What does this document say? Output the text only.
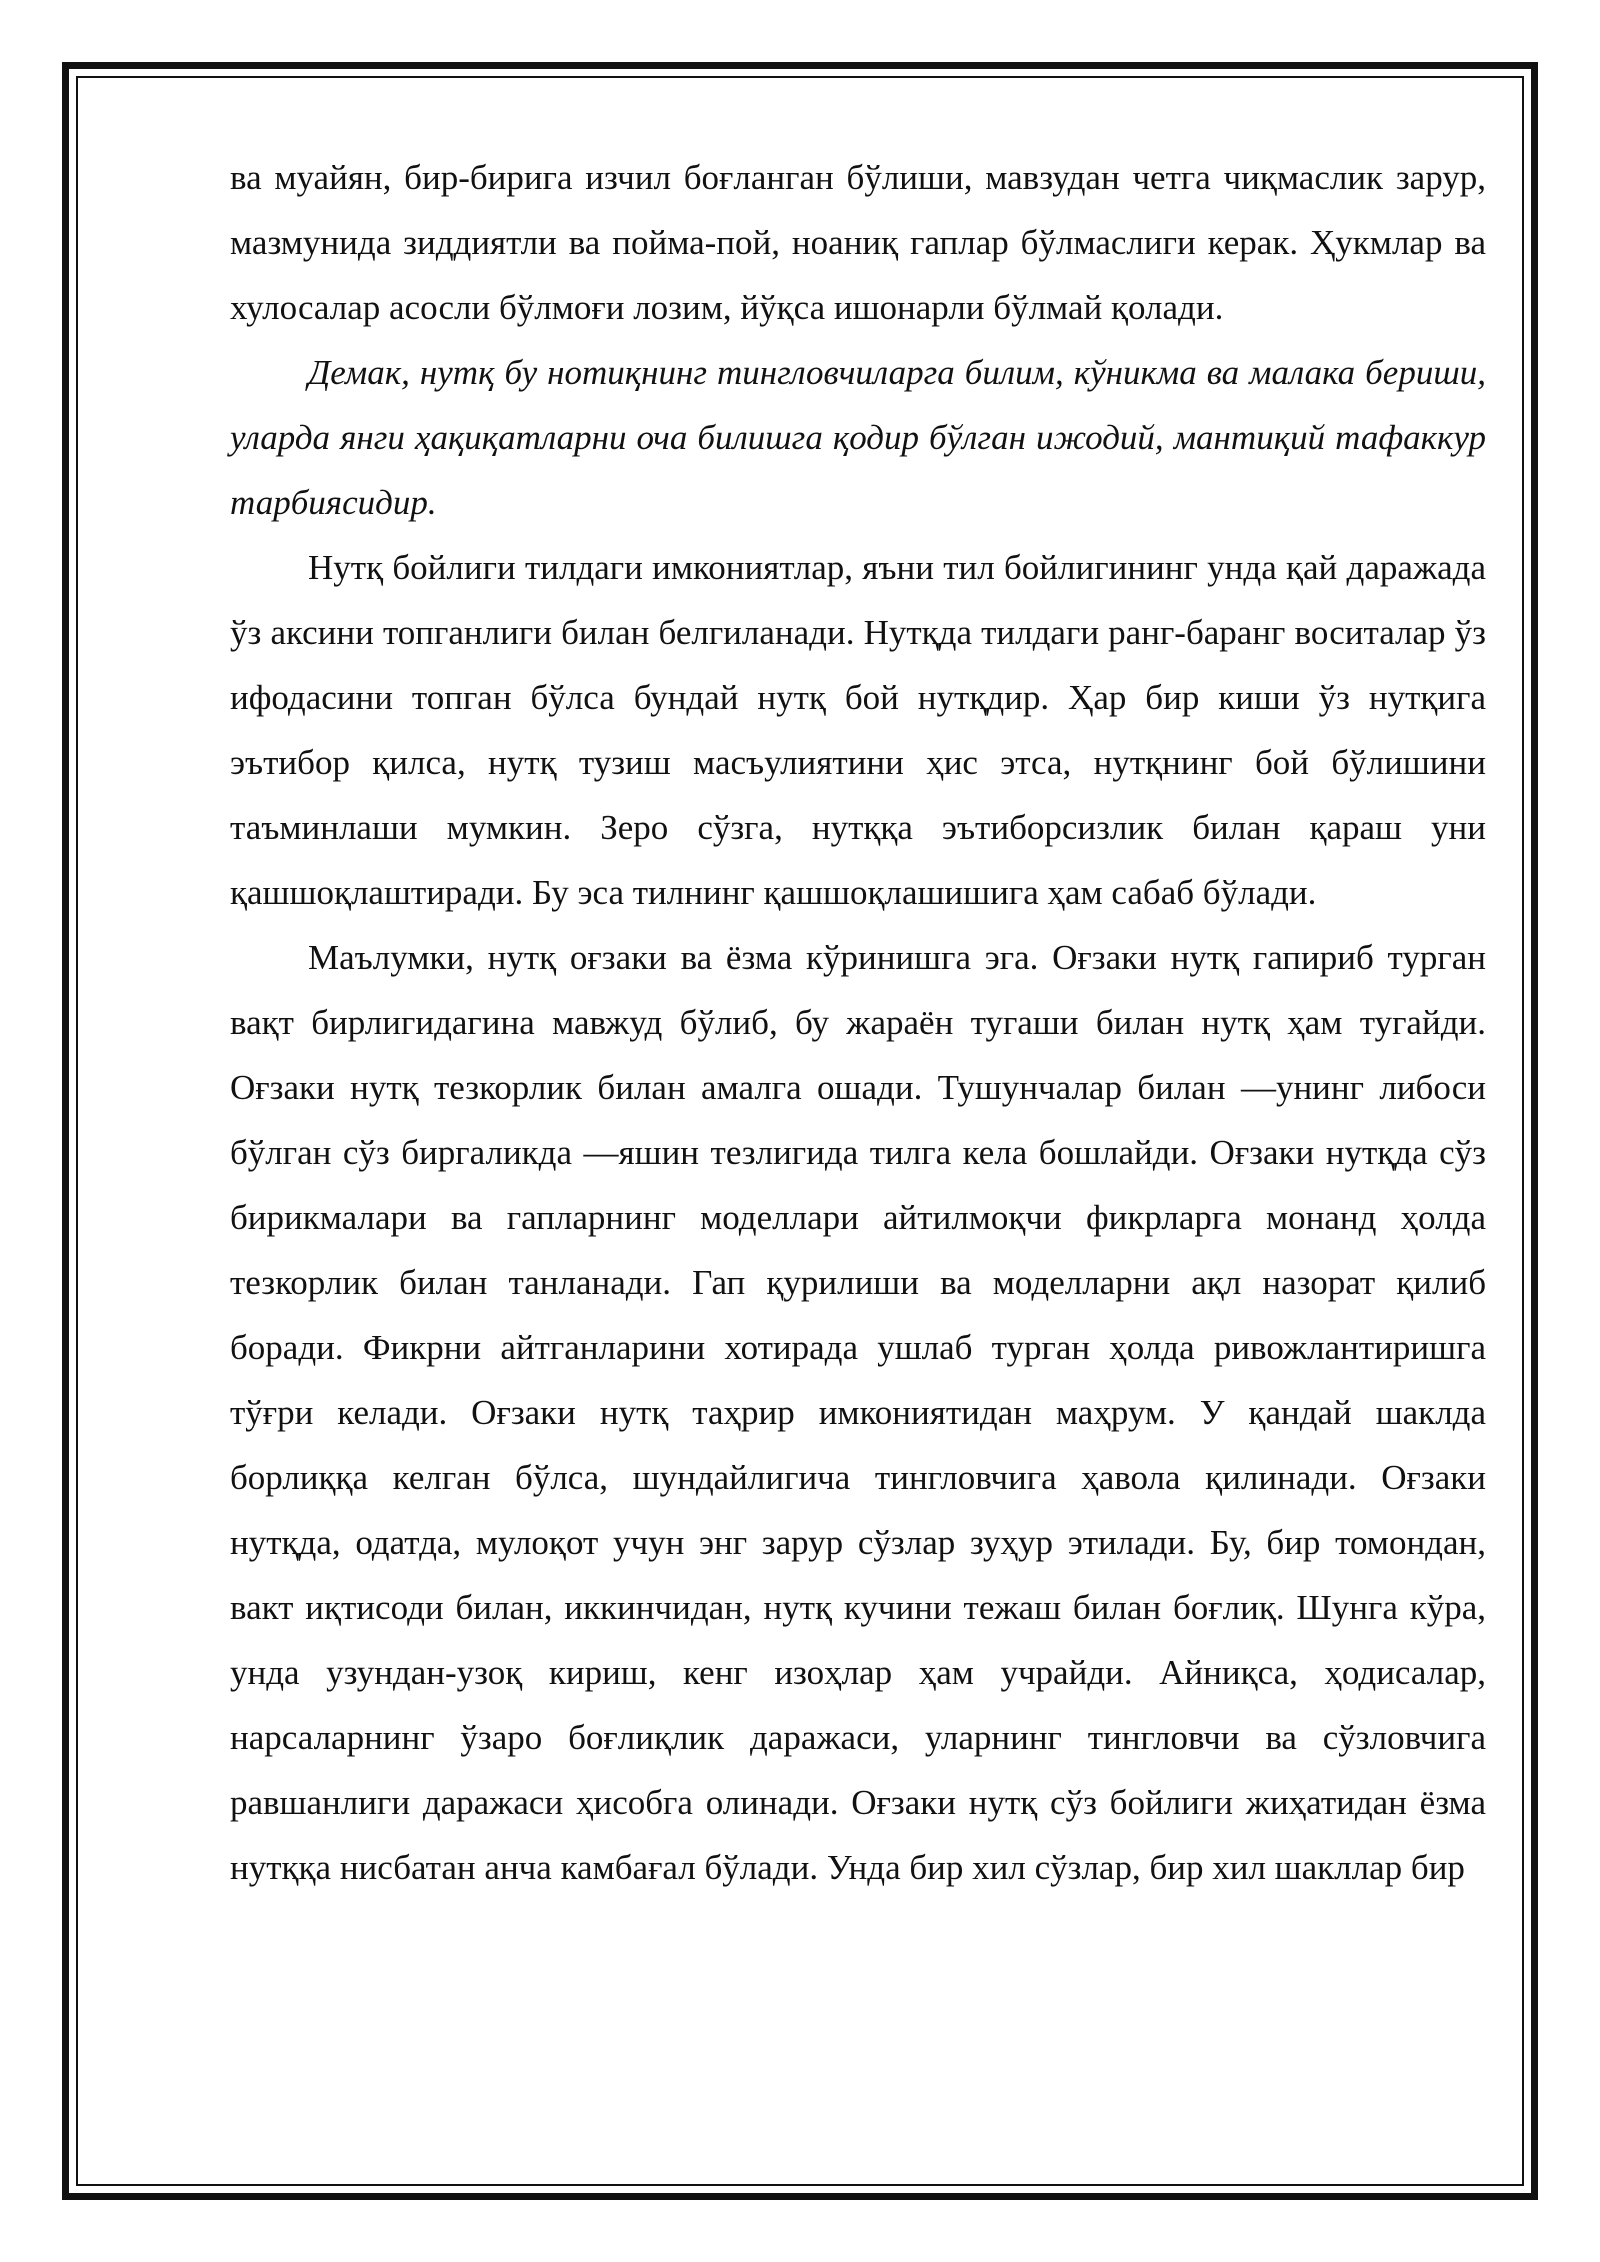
ва муайян, бир-бирига изчил боғланган бўлиши, мавзудан четга чиқмаслик зарур, мазмунида зиддиятли ва пойма-пой, ноаниқ гаплар бўлмаслиги керак. Ҳукмлар ва хулосалар асосли бўлмоғи лозим, йўқса ишонарли бўлмай қолади.

Демак, нутқ бу нотиқнинг тингловчиларга билим, кўникма ва малака бериши, уларда янги ҳақиқатларни оча билишга қодир бўлган ижодий, мантиқий тафаккур тарбиясидир.

Нутқ бойлиги тилдаги имкониятлар, яъни тил бойлигининг унда қай даражада ўз аксини топганлиги билан белгиланади. Нутқда тилдаги ранг-баранг воситалар ўз ифодасини топган бўлса бундай нутқ бой нутқдир. Ҳар бир киши ўз нутқига эътибор қилса, нутқ тузиш масъулиятини ҳис этса, нутқнинг бой бўлишини таъминлаши мумкин. Зеро сўзга, нутққа эътиборсизлик билан қараш уни қашшоқлаштиради. Бу эса тилнинг қашшоқлашишига ҳам сабаб бўлади.

Маълумки, нутқ оғзаки ва ёзма кўринишга эга. Оғзаки нутқ гапириб турган вақт бирлигидагина мавжуд бўлиб, бу жараён тугаши билан нутқ ҳам тугайди. Оғзаки нутқ тезкорлик билан амалга ошади. Тушунчалар билан —унинг либоси бўлган сўз биргаликда —яшин тезлигида тилга кела бошлайди. Оғзаки нутқда сўз бирикмалари ва гапларнинг моделлари айтилмоқчи фикрларга монанд ҳолда тезкорлик билан танланади. Гап қурилиши ва моделларни ақл назорат қилиб боради. Фикрни айтганларини хотирада ушлаб турган ҳолда ривожлантиришга тўғри келади. Оғзаки нутқ таҳрир имкониятидан маҳрум. У қандай шаклда борлиққа келган бўлса, шундайлигича тингловчига ҳавола қилинади. Оғзаки нутқда, одатда, мулоқот учун энг зарур сўзлар зуҳур этилади. Бу, бир томондан, вакт иқтисоди билан, иккинчидан, нутқ кучини тежаш билан боғлиқ. Шунга кўра, унда узундан-узоқ кириш, кенг изоҳлар ҳам учрайди. Айниқса, ҳодисалар, нарсаларнинг ўзаро боғлиқлик даражаси, уларнинг тингловчи ва сўзловчига равшанлиги даражаси ҳисобга олинади. Оғзаки нутқ сўз бойлиги жиҳатидан ёзма нутққа нисбатан анча камбағал бўлади. Унда бир хил сўзлар, бир хил шакллар бир
